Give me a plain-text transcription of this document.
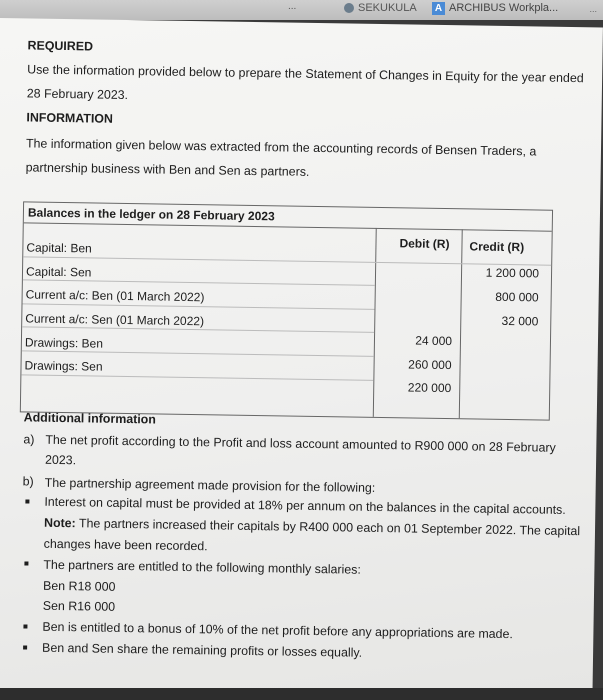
...	SEKUKULA A ARCHIBUS Workpla...	...
REQUIRED
Use the information provided below to prepare the Statement of Changes in Equity for the year ended
28 February 2023.
INFORMATION
The information given below was extracted from the accounting records of Bensen Traders, a
partnership business with Ben and Sen as partners.
Balances in the ledger on 28 February 2023
Debit (R) Credit (R)
Capital: Ben
1 200 000
Capital: Sen
800 000
Current a/c: Ben (01 March 2022)
32 000
Current a/c: Sen (01 March 2022)
24 000
Drawings: Ben
260 000
Drawings: Sen
220 000
Additional information
a) The net profit according to the Profit and loss account amounted to R900 000 on 28 February
2023.
b) The partnership agreement made provision for the following:
Interest on capital must be provided at 18% per annum on the balances in the capital accounts.
Note: The partners increased their capitals by R400 000 each on 01 September 2022. The capital
changes have been recorded.
The partners are entitled to the following monthly salaries:
Ben R18 000
Sen R16 000
Ben is entitled to a bonus of 10% of the net profit before any appropriations are made.
Ben and Sen share the remaining profits or losses equally.
